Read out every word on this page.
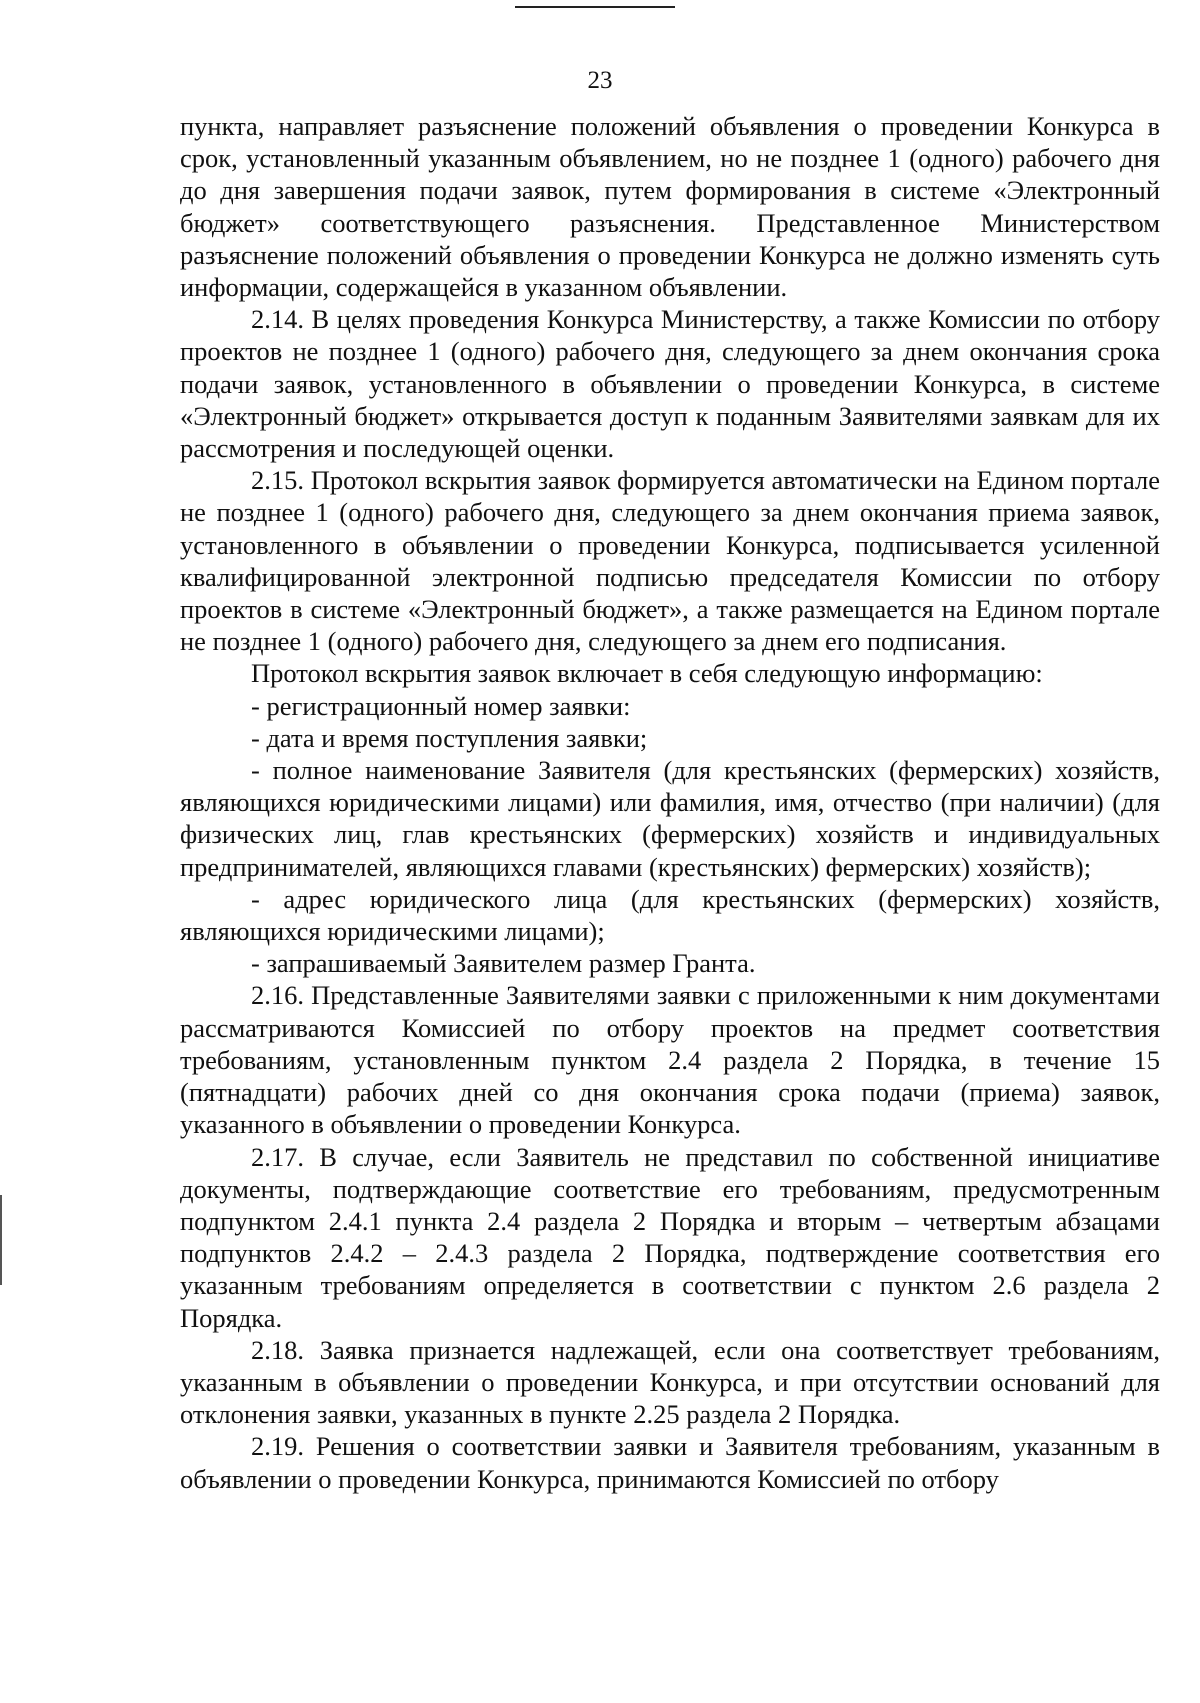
23

пункта, направляет разъяснение положений объявления о проведении Конкурса в срок, установленный указанным объявлением, но не позднее 1 (одного) рабочего дня до дня завершения подачи заявок, путем формирования в системе «Электронный бюджет» соответствующего разъяснения. Представленное Министерством разъяснение положений объявления о проведении Конкурса не должно изменять суть информации, содержащейся в указанном объявлении.

2.14. В целях проведения Конкурса Министерству, а также Комиссии по отбору проектов не позднее 1 (одного) рабочего дня, следующего за днем окончания срока подачи заявок, установленного в объявлении о проведении Конкурса, в системе «Электронный бюджет» открывается доступ к поданным Заявителями заявкам для их рассмотрения и последующей оценки.

2.15. Протокол вскрытия заявок формируется автоматически на Едином портале не позднее 1 (одного) рабочего дня, следующего за днем окончания приема заявок, установленного в объявлении о проведении Конкурса, подписывается усиленной квалифицированной электронной подписью председателя Комиссии по отбору проектов в системе «Электронный бюджет», а также размещается на Едином портале не позднее 1 (одного) рабочего дня, следующего за днем его подписания.

Протокол вскрытия заявок включает в себя следующую информацию:

- регистрационный номер заявки:

- дата и время поступления заявки;

- полное наименование Заявителя (для крестьянских (фермерских) хозяйств, являющихся юридическими лицами) или фамилия, имя, отчество (при наличии) (для физических лиц, глав крестьянских (фермерских) хозяйств и индивидуальных предпринимателей, являющихся главами (крестьянских) фермерских) хозяйств);

- адрес юридического лица (для крестьянских (фермерских) хозяйств, являющихся юридическими лицами);

- запрашиваемый Заявителем размер Гранта.

2.16. Представленные Заявителями заявки с приложенными к ним документами рассматриваются Комиссией по отбору проектов на предмет соответствия требованиям, установленным пунктом 2.4 раздела 2 Порядка, в течение 15 (пятнадцати) рабочих дней со дня окончания срока подачи (приема) заявок, указанного в объявлении о проведении Конкурса.

2.17. В случае, если Заявитель не представил по собственной инициативе документы, подтверждающие соответствие его требованиям, предусмотренным подпунктом 2.4.1 пункта 2.4 раздела 2 Порядка и вторым – четвертым абзацами подпунктов 2.4.2 – 2.4.3 раздела 2 Порядка, подтверждение соответствия его указанным требованиям определяется в соответствии с пунктом 2.6 раздела 2 Порядка.

2.18. Заявка признается надлежащей, если она соответствует требованиям, указанным в объявлении о проведении Конкурса, и при отсутствии оснований для отклонения заявки, указанных в пункте 2.25 раздела 2 Порядка.

2.19. Решения о соответствии заявки и Заявителя требованиям, указанным в объявлении о проведении Конкурса, принимаются Комиссией по отбору
